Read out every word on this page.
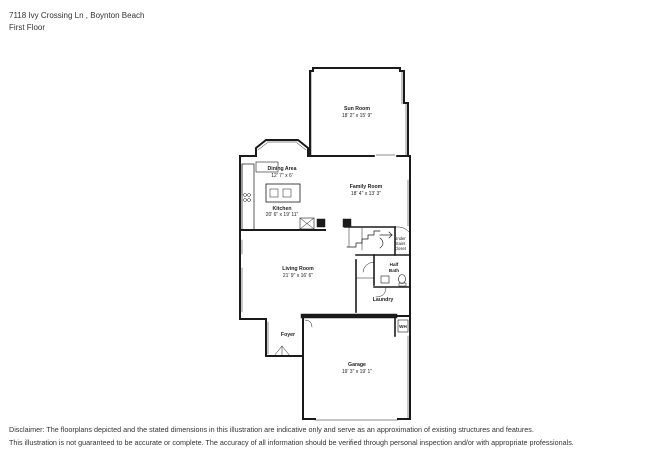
7118 Ivy Crossing Ln , Boynton Beach
First Floor
Sun Room
18' 2" x 15' 9"
Dining Area
12' 7" x 6'
Family Room
18' 4" x 13' 3"
Kitchen
20' 6" x 19' 11"
Living Room
21' 9" x 16' 6"
Foyer
Garage
19' 3" x 19' 1"
Under
Stairs
Closet
Half
Bath
Laundry
WH
Disclaimer: The floorplans depicted and the stated dimensions in this illustration are indicative only and serve as an approximation of existing structures and features.
This illustration is not guaranteed to be accurate or complete. The accuracy of all information should be verified through personal inspection and/or with appropriate professionals.
